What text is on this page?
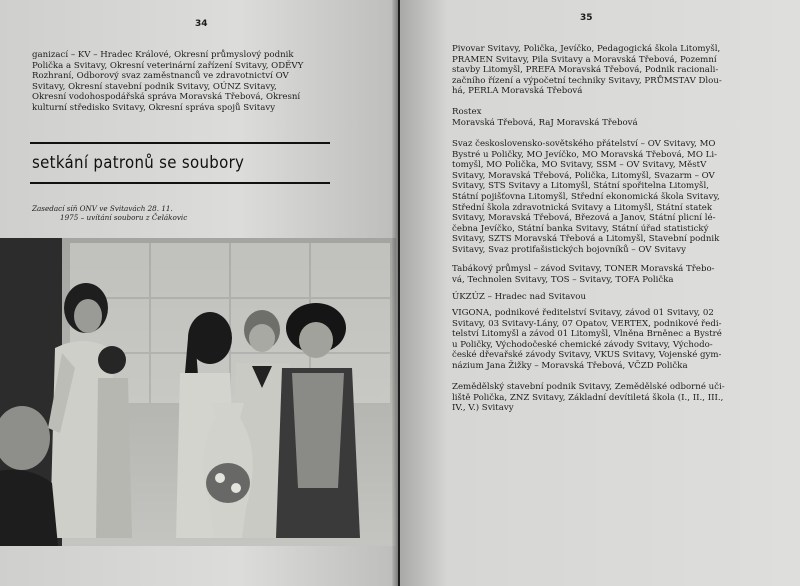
34
ganizací – KV – Hradec Králové, Okresní průmyslový podnik
Polička a Svitavy, Okresní veterinární zařízení Svitavy, ODĚVY
Rozhraní, Odborový svaz zaměstnanců ve zdravotnictví OV
Svitavy, Okresní stavební podnik Svitavy, OÚNZ Svitavy,
Okresní vodohospodářská správa Moravská Třebová, Okresní
kulturní středisko Svitavy, Okresní správa spojů Svitavy
setkání patronů se soubory
Zasedací síň ONV ve Svitavách 28. 11.
1975 – uvítání souboru z Čelákovic
35
Pivovar Svitavy, Polička, Jevíčko, Pedagogická škola Litomyšl,
PRAMEN Svitavy, Pila Svitavy a Moravská Třebová, Pozemní
stavby Litomyšl, PREFA Moravská Třebová, Podnik racionali-
začního řízení a výpočetní techniky Svitavy, PRŮMSTAV Dlou-
há, PERLA Moravská Třebová
Rostex
Moravská Třebová, RaJ Moravská Třebová
Svaz československo-sovětského přátelství – OV Svitavy, MO
Bystré u Poličky, MO Jevíčko, MO Moravská Třebová, MO Li-
tomyšl, MO Polička, MO Svitavy, SSM – OV Svitavy, MěstV
Svitavy, Moravská Třebová, Polička, Litomyšl, Svazarm – OV
Svitavy, STS Svitavy a Litomyšl, Státní spořitelna Litomyšl,
Státní pojišťovna Litomyšl, Střední ekonomická škola Svitavy,
Střední škola zdravotnická Svitavy a Litomyšl, Státní statek
Svitavy, Moravská Třebová, Březová a Janov, Státní plicní lé-
čebna Jevíčko, Státní banka Svitavy, Státní úřad statistický
Svitavy, SZTS Moravská Třebová a Litomyšl, Stavební podnik
Svitavy, Svaz protifašistických bojovníků – OV Svitavy
Tabákový průmysl – závod Svitavy, TONER Moravská Třebo-
vá, Technolen Svitavy, TOS – Svitavy, TOFA Polička
ÚKZÚZ – Hradec nad Svitavou
VIGONA, podnikové ředitelství Svitavy, závod 01 Svitavy, 02
Svitavy, 03 Svitavy-Lány, 07 Opatov, VERTEX, podnikové ředi-
telství Litomyšl a závod 01 Litomyšl, Vlněna Brněnec a Bystré
u Poličky, Východočeské chemické závody Svitavy, Východo-
české dřevařské závody Svitavy, VKUS Svitavy, Vojenské gym-
názium Jana Žižky – Moravská Třebová, VČZD Polička
Zemědělský stavební podnik Svitavy, Zemědělské odborné uči-
liště Polička, ZNZ Svitavy, Základní devítiletá škola (I., II., III.,
IV., V.) Svitavy
